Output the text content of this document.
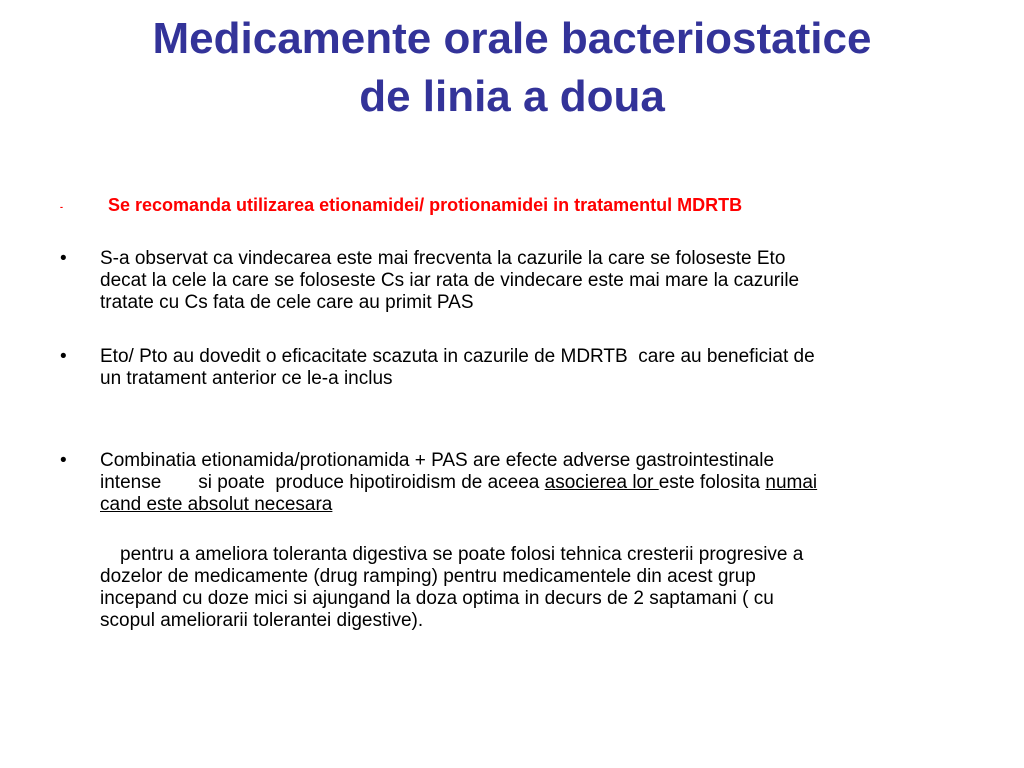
Medicamente orale bacteriostatice
de linia a doua
-	Se recomanda utilizarea etionamidei/ protionamidei in tratamentul MDRTB
• S-a observat ca vindecarea este mai frecventa la cazurile la care se foloseste Eto
decat la cele la care se foloseste Cs iar rata de vindecare este mai mare la cazurile
tratate cu Cs fata de cele care au primit PAS
• Eto/ Pto au dovedit o eficacitate scazuta in cazurile de MDRTB  care au beneficiat de
un tratament anterior ce le-a inclus
• Combinatia etionamida/protionamida + PAS are efecte adverse gastrointestinale
intense       si poate  produce hipotiroidism de aceea asocierea lor este folosita numai
cand este absolut necesara
pentru a ameliora toleranta digestiva se poate folosi tehnica cresterii progresive a
dozelor de medicamente (drug ramping) pentru medicamentele din acest grup
incepand cu doze mici si ajungand la doza optima in decurs de 2 saptamani ( cu
scopul ameliorarii tolerantei digestive).
